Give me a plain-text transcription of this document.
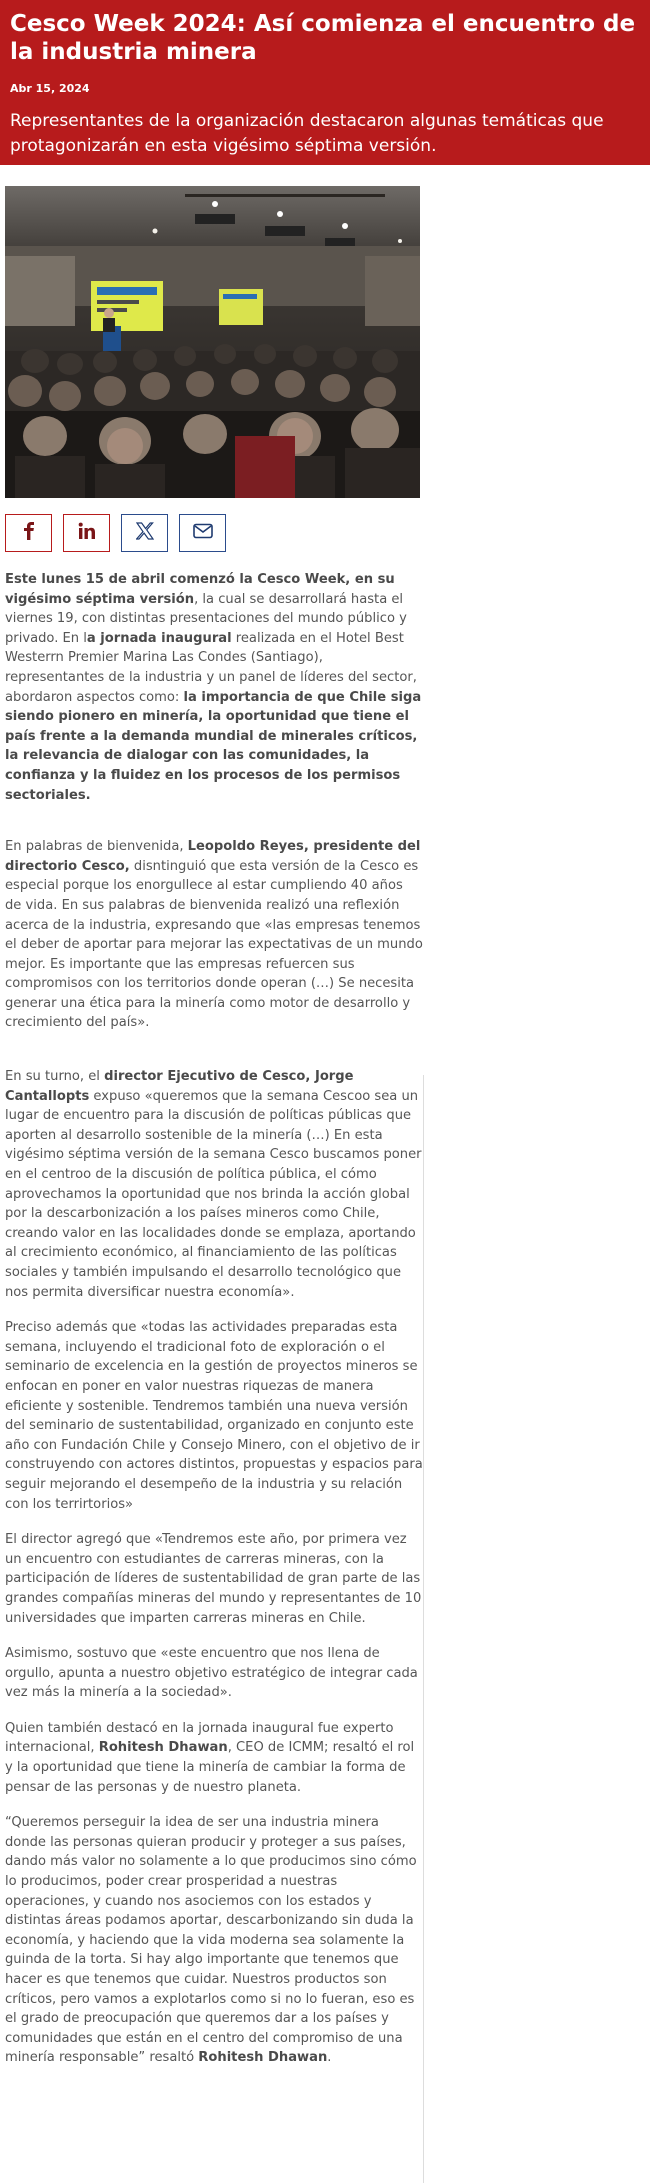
Cesco Week 2024: Así comienza el encuentro de la industria minera
Abr 15, 2024
Representantes de la organización destacaron algunas temáticas que protagonizarán en esta vigésimo séptima versión.

Este lunes 15 de abril comenzó la Cesco Week, en su vigésimo séptima versión, la cual se desarrollará hasta el viernes 19, con distintas presentaciones del mundo público y privado. En la jornada inaugural realizada en el Hotel Best Westerrn Premier Marina Las Condes (Santiago), representantes de la industria y un panel de líderes del sector, abordaron aspectos como: la importancia de que Chile siga siendo pionero en minería, la oportunidad que tiene el país frente a la demanda mundial de minerales críticos, la relevancia de dialogar con las comunidades, la confianza y la fluidez en los procesos de los permisos sectoriales.

En palabras de bienvenida, Leopoldo Reyes, presidente del directorio Cesco, disntinguió que esta versión de la Cesco es especial porque los enorgullece al estar cumpliendo 40 años de vida. En sus palabras de bienvenida realizó una reflexión acerca de la industria, expresando que «las empresas tenemos el deber de aportar para mejorar las expectativas de un mundo mejor. Es importante que las empresas refuercen sus compromisos con los territorios donde operan (…) Se necesita generar una ética para la minería como motor de desarrollo y crecimiento del país».

En su turno, el director Ejecutivo de Cesco, Jorge Cantallopts expuso «queremos que la semana Cescoo sea un lugar de encuentro para la discusión de políticas públicas que aporten al desarrollo sostenible de la minería (…) En esta vigésimo séptima versión de la semana Cesco buscamos poner en el centroo de la discusión de política pública, el cómo aprovechamos la oportunidad que nos brinda la acción global por la descarbonización a los países mineros como Chile, creando valor en las localidades donde se emplaza, aportando al crecimiento económico, al financiamiento de las políticas sociales y también impulsando el desarrollo tecnológico que nos permita diversificar nuestra economía».

Preciso además que «todas las actividades preparadas esta semana, incluyendo el tradicional foto de exploración o el seminario de excelencia en la gestión de proyectos mineros se enfocan en poner en valor nuestras riquezas de manera eficiente y sostenible. Tendremos también una nueva versión del seminario de sustentabilidad, organizado en conjunto este año con Fundación Chile y Consejo Minero, con el objetivo de ir construyendo con actores distintos, propuestas y espacios para seguir mejorando el desempeño de la industria y su relación con los terrirtorios»

El director agregó que «Tendremos este año, por primera vez un encuentro con estudiantes de carreras mineras, con la participación de líderes de sustentabilidad de gran parte de las grandes compañías mineras del mundo y representantes de 10 universidades que imparten carreras mineras en Chile.

Asimismo, sostuvo que «este encuentro que nos llena de orgullo, apunta a nuestro objetivo estratégico de integrar cada vez más la minería a la sociedad».

Quien también destacó en la jornada inaugural fue experto internacional, Rohitesh Dhawan, CEO de ICMM; resaltó el rol y la oportunidad que tiene la minería de cambiar la forma de pensar de las personas y de nuestro planeta.

“Queremos perseguir la idea de ser una industria minera donde las personas quieran producir y proteger a sus países, dando más valor no solamente a lo que producimos sino cómo lo producimos, poder crear prosperidad a nuestras operaciones, y cuando nos asociemos con los estados y distintas áreas podamos aportar, descarbonizando sin duda la economía, y haciendo que la vida moderna sea solamente la guinda de la torta. Si hay algo importante que tenemos que hacer es que tenemos que cuidar. Nuestros productos son críticos, pero vamos a explotarlos como si no lo fueran, eso es el grado de preocupación que queremos dar a los países y comunidades que están en el centro del compromiso de una minería responsable” resaltó Rohitesh Dhawan.
